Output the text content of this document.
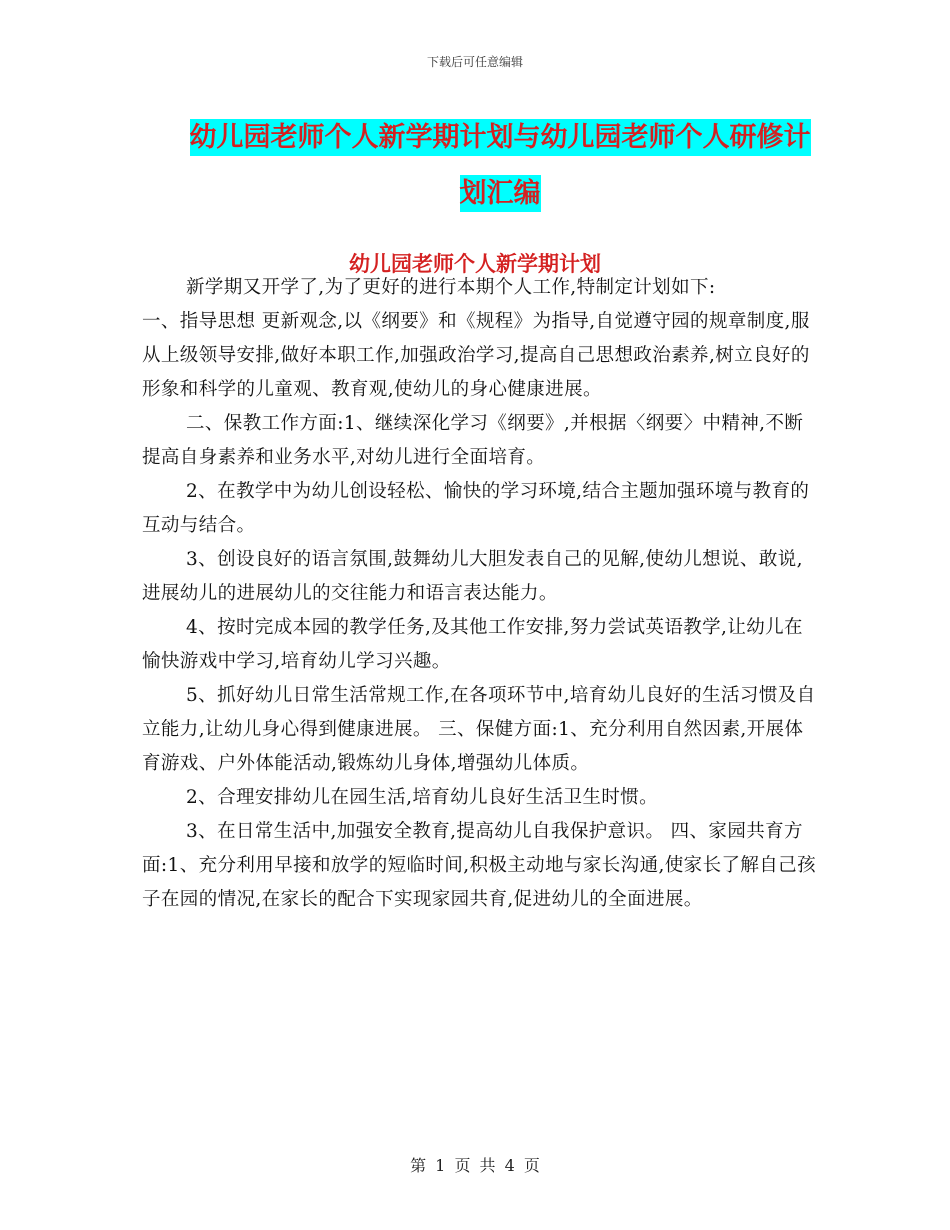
下载后可任意编辑
幼儿园老师个人新学期计划与幼儿园老师个人研修计
划汇编
幼儿园老师个人新学期计划

新学期又开学了,为了更好的进行本期个人工作,特制定计划如下:

一、指导思想 更新观念,以《纲要》和《规程》为指导,自觉遵守园的规章制度,服从上级领导安排,做好本职工作,加强政治学习,提高自己思想政治素养,树立良好的形象和科学的儿童观、教育观,使幼儿的身心健康进展。

二、保教工作方面:1、继续深化学习《纲要》,并根据〈纲要〉中精神,不断提高自身素养和业务水平,对幼儿进行全面培育。

2、在教学中为幼儿创设轻松、愉快的学习环境,结合主题加强环境与教育的互动与结合。

3、创设良好的语言氛围,鼓舞幼儿大胆发表自己的见解,使幼儿想说、敢说,进展幼儿的进展幼儿的交往能力和语言表达能力。

4、按时完成本园的教学任务,及其他工作安排,努力尝试英语教学,让幼儿在愉快游戏中学习,培育幼儿学习兴趣。

5、抓好幼儿日常生活常规工作,在各项环节中,培育幼儿良好的生活习惯及自立能力,让幼儿身心得到健康进展。 三、保健方面:1、充分利用自然因素,开展体育游戏、户外体能活动,锻炼幼儿身体,增强幼儿体质。

2、合理安排幼儿在园生活,培育幼儿良好生活卫生时惯。

3、在日常生活中,加强安全教育,提高幼儿自我保护意识。 四、家园共育方面:1、充分利用早接和放学的短临时间,积极主动地与家长沟通,使家长了解自己孩子在园的情况,在家长的配合下实现家园共育,促进幼儿的全面进展。

第 1 页 共 4 页
